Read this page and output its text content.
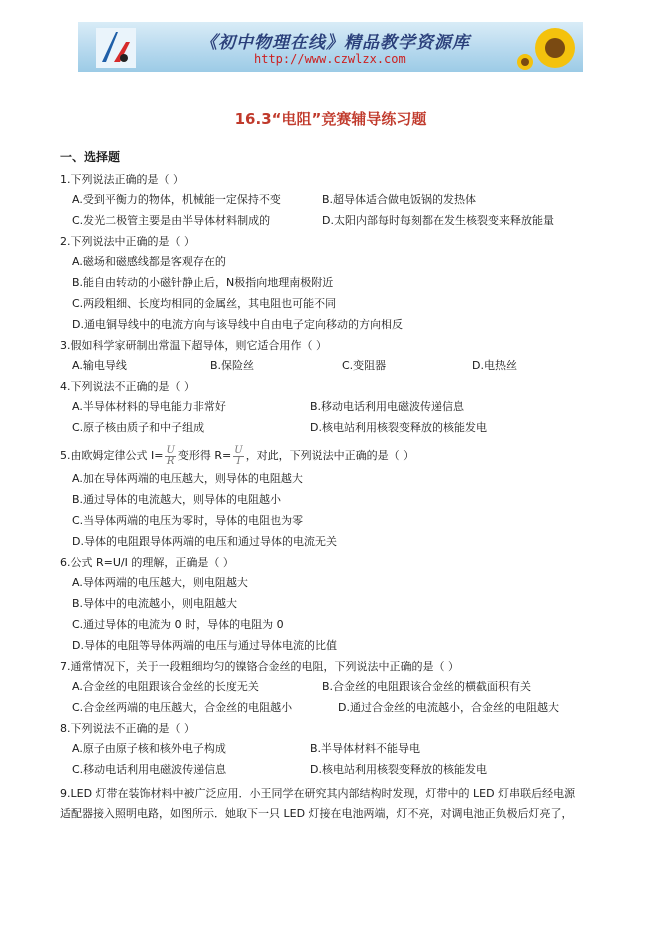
《初中物理在线》精品教学资源库
http://www.czwlzx.com
16.3“电阻”竞赛辅导练习题
一、选择题
1.下列说法正确的是（ ）
A.受到平衡力的物体，机械能一定保持不变	B.超导体适合做电饭锅的发热体
C.发光二极管主要是由半导体材料制成的	D.太阳内部每时每刻都在发生核裂变来释放能量
2.下列说法中正确的是（ ）
A.磁场和磁感线都是客观存在的
B.能自由转动的小磁针静止后，N极指向地理南极附近
C.两段粗细、长度均相同的金属丝，其电阻也可能不同
D.通电铜导线中的电流方向与该导线中自由电子定向移动的方向相反
3.假如科学家研制出常温下超导体，则它适合用作（ ）
A.输电导线	B.保险丝	C.变阻器	D.电热丝
4.下列说法不正确的是（ ）
A.半导体材料的导电能力非常好	B.移动电话利用电磁波传递信息
C.原子核由质子和中子组成	D.核电站利用核裂变释放的核能发电
5.由欧姆定律公式 $I= \frac{U}{R}$ 变形得 $R= \frac{U}{I}$ ，对此，下列说法中正确的是（ ）
A.加在导体两端的电压越大，则导体的电阻越大
B.通过导体的电流越大，则导体的电阻越小
C.当导体两端的电压为零时，导体的电阻也为零
D.导体的电阻跟导体两端的电压和通过导体的电流无关
6.公式 R=U/I 的理解，正确是（ ）
A.导体两端的电压越大，则电阻越大
B.导体中的电流越小，则电阻越大
C.通过导体的电流为 0 时，导体的电阻为 0
D.导体的电阻等导体两端的电压与通过导体电流的比值
7.通常情况下，关于一段粗细均匀的镍铬合金丝的电阻，下列说法中正确的是（ ）
A.合金丝的电阻跟该合金丝的长度无关	B.合金丝的电阻跟该合金丝的横截面积有关
C.合金丝两端的电压越大，合金丝的电阻越小	D.通过合金丝的电流越小，合金丝的电阻越大
8.下列说法不正确的是（ ）
A.原子由原子核和核外电子构成	B.半导体材料不能导电
C.移动电话利用电磁波传递信息	D.核电站利用核裂变释放的核能发电

9.LED 灯带在装饰材料中被广泛应用．小王同学在研究其内部结构时发现，灯带中的 LED 灯串联后经电源

适配器接入照明电路，如图所示．她取下一只 LED 灯接在电池两端，灯不亮，对调电池正负极后灯亮了，
